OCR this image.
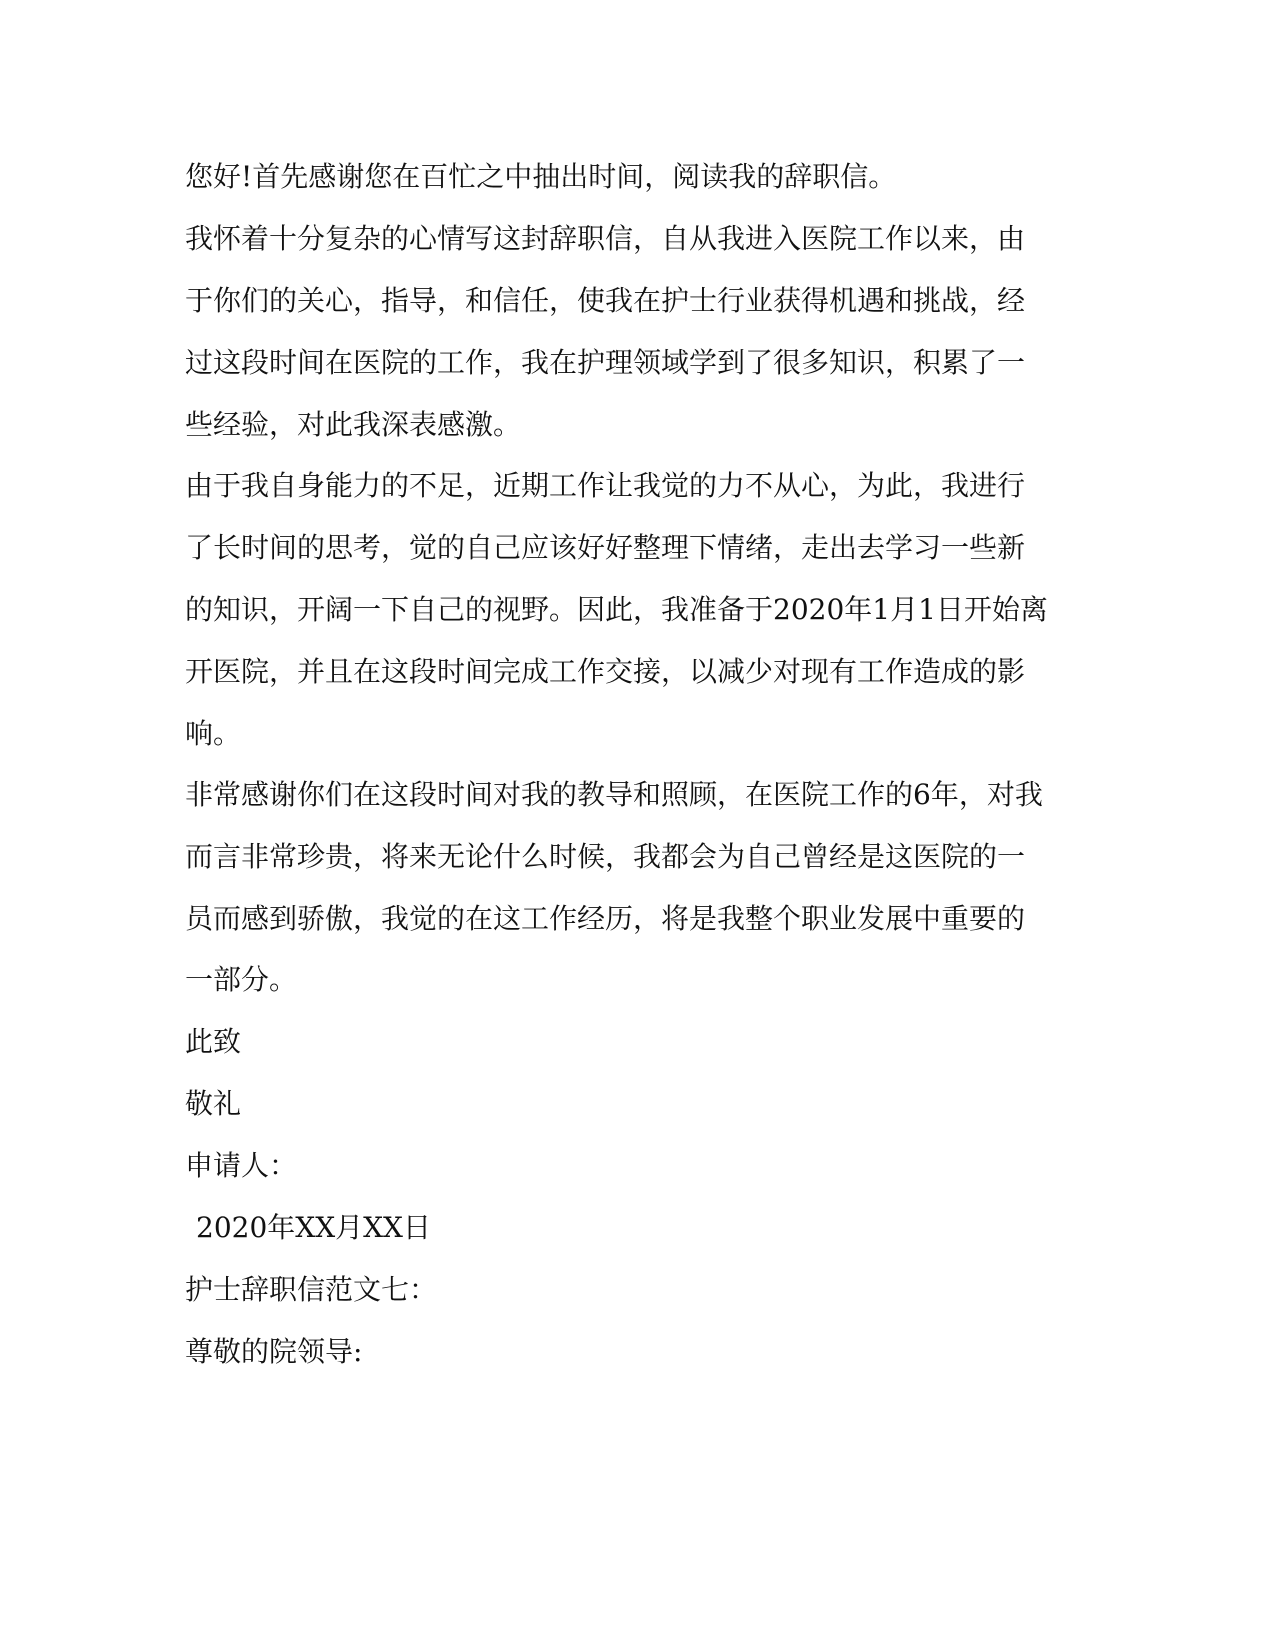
您好!首先感谢您在百忙之中抽出时间，阅读我的辞职信。
我怀着十分复杂的心情写这封辞职信，自从我进入医院工作以来，由
于你们的关心，指导，和信任，使我在护士行业获得机遇和挑战，经
过这段时间在医院的工作，我在护理领域学到了很多知识，积累了一
些经验，对此我深表感激。
由于我自身能力的不足，近期工作让我觉的力不从心，为此，我进行
了长时间的思考，觉的自己应该好好整理下情绪，走出去学习一些新
的知识，开阔一下自己的视野。因此，我准备于2020年1月1日开始离
开医院，并且在这段时间完成工作交接，以减少对现有工作造成的影
响。
非常感谢你们在这段时间对我的教导和照顾，在医院工作的6年，对我
而言非常珍贵，将来无论什么时候，我都会为自己曾经是这医院的一
员而感到骄傲，我觉的在这工作经历，将是我整个职业发展中重要的
一部分。
此致
敬礼
申请人：
2020年XX月XX日
护士辞职信范文七：
尊敬的院领导:
